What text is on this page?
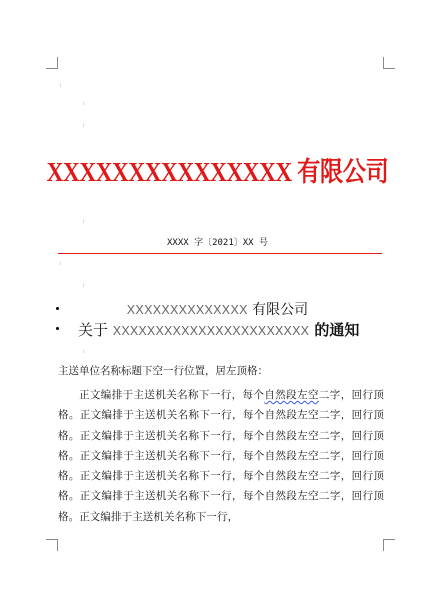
ı
ı
ı
ı
ı
ı
ı
XXXXXXXXXXXXXXX 有限公司
XXXX 字〔2021〕XX 号
XXXXXXXXXXXXXX 有限公司
关于 XXXXXXXXXXXXXXXXXXXXXXX 的通知
主送单位名称标题下空一行位置，居左顶格：
正文编排于主送机关名称下一行，每个自然段左空二字，回行顶格。正文编排于主送机关名称下一行，每个自然段左空二字，回行顶格。正文编排于主送机关名称下一行，每个自然段左空二字，回行顶格。正文编排于主送机关名称下一行，每个自然段左空二字，回行顶格。正文编排于主送机关名称下一行，每个自然段左空二字，回行顶格。正文编排于主送机关名称下一行，每个自然段左空二字，回行顶格。正文编排于主送机关名称下一行，
